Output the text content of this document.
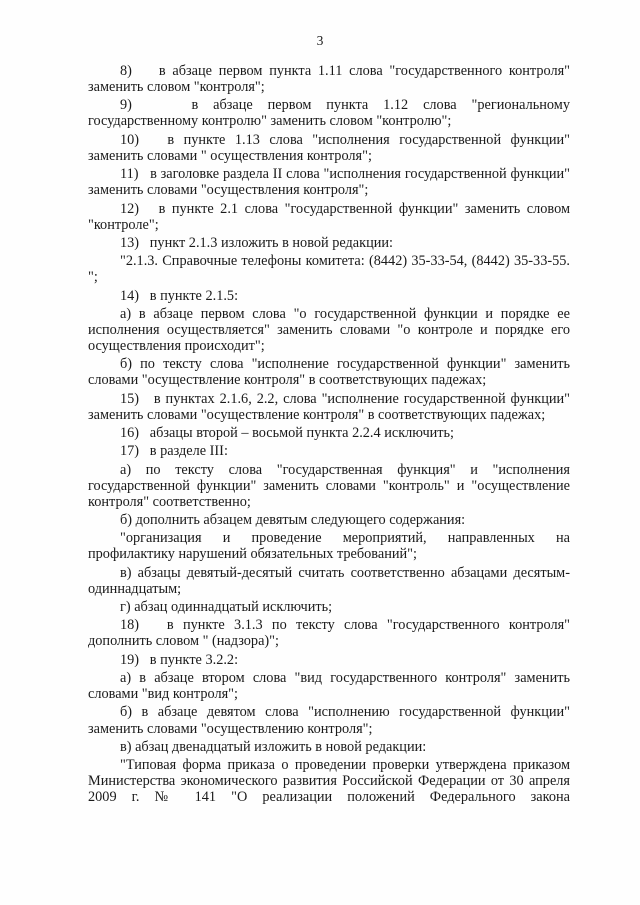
3

8)    в абзаце первом пункта 1.11 слова "государственного контроля" заменить словом "контроля";

9)    в абзаце первом пункта 1.12 слова "региональному государственному контролю" заменить словом "контролю";

10)   в пункте 1.13 слова "исполнения государственной функции" заменить словами " осуществления контроля";

11)   в заголовке раздела II слова "исполнения государственной функции" заменить словами "осуществления контроля";

12)   в пункте 2.1 слова "государственной функции" заменить словом "контроле";

13)   пункт 2.1.3 изложить в новой редакции:

"2.1.3. Справочные телефоны комитета: (8442) 35-33-54, (8442) 35-33-55. ";

14)   в пункте 2.1.5:

а) в абзаце первом слова "о государственной функции и порядке ее исполнения осуществляется" заменить словами "о контроле и порядке его осуществления происходит";

б) по тексту слова "исполнение государственной функции" заменить словами "осуществление контроля" в соответствующих падежах;

15)   в пунктах 2.1.6, 2.2, слова "исполнение государственной функции" заменить словами "осуществление контроля" в соответствующих падежах;

16)   абзацы второй – восьмой пункта 2.2.4 исключить;

17)   в разделе III:

а) по тексту слова "государственная функция" и "исполнения государственной функции" заменить словами "контроль" и "осуществление контроля" соответственно;

б) дополнить абзацем девятым следующего содержания:

"организация и проведение мероприятий, направленных на профилактику нарушений обязательных требований";

в) абзацы девятый-десятый считать соответственно абзацами десятым-одиннадцатым;

г) абзац одиннадцатый исключить;

18)   в пункте 3.1.3 по тексту слова "государственного контроля" дополнить словом " (надзора)";

19)   в пункте 3.2.2:

а) в абзаце втором слова "вид государственного контроля" заменить словами "вид контроля";

б) в абзаце девятом слова "исполнению государственной функции" заменить словами "осуществлению контроля";

в) абзац двенадцатый изложить в новой редакции:

"Типовая форма приказа о проведении проверки утверждена приказом Министерства экономического развития Российской Федерации от 30 апреля 2009 г. № 141 "О реализации положений Федерального закона
